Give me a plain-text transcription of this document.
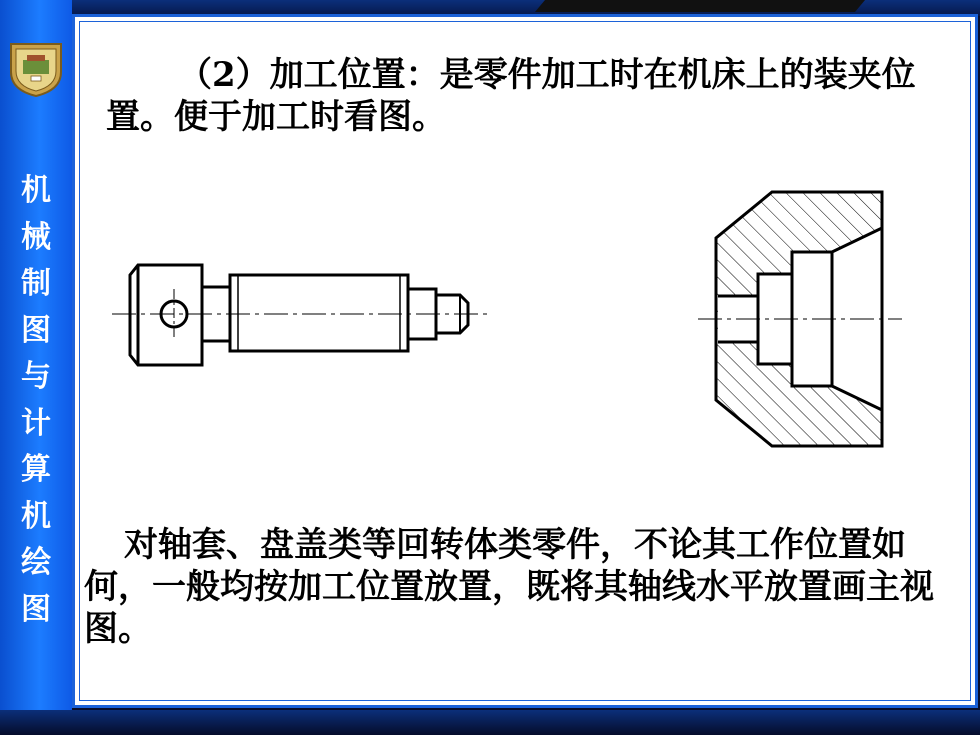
机
械
制
图
与
计
算
机
绘
图

（2）加工位置：是零件加工时在机床上的装夹位置。便于加工时看图。

对轴套、盘盖类等回转体类零件，不论其工作位置如何，一般均按加工位置放置，既将其轴线水平放置画主视图。
